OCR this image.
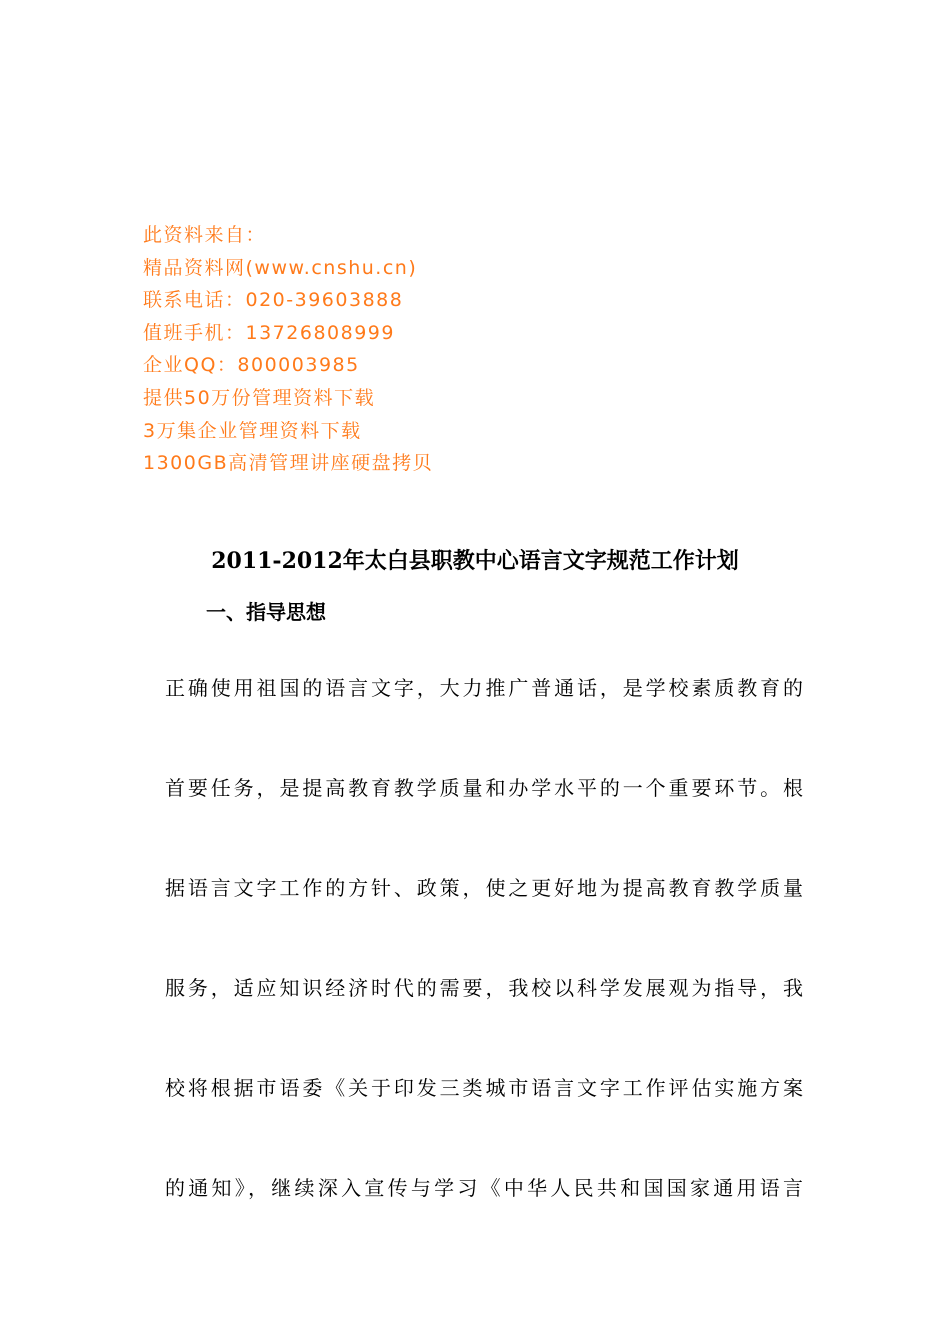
此资料来自：
精品资料网(www.cnshu.cn)
联系电话：020-39603888
值班手机：13726808999
企业QQ：800003985
提供50万份管理资料下载
3万集企业管理资料下载
1300GB高清管理讲座硬盘拷贝
2011-2012年太白县职教中心语言文字规范工作计划
一、指导思想
正确使用祖国的语言文字，大力推广普通话，是学校素质教育的
首要任务，是提高教育教学质量和办学水平的一个重要环节。根
据语言文字工作的方针、政策，使之更好地为提高教育教学质量
服务，适应知识经济时代的需要，我校以科学发展观为指导，我
校将根据市语委《关于印发三类城市语言文字工作评估实施方案
的通知》，继续深入宣传与学习《中华人民共和国国家通用语言
